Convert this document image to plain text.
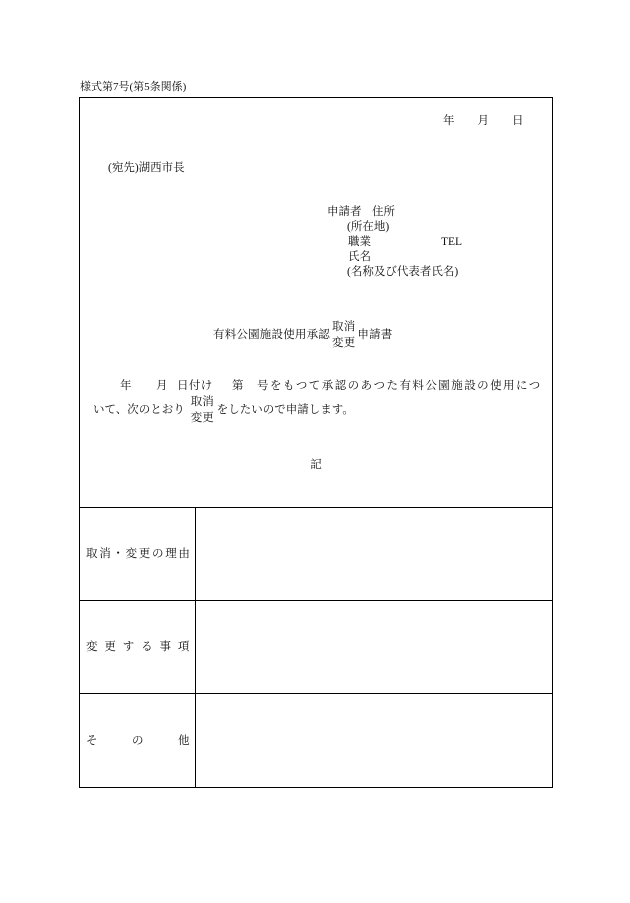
様式第7号(第5条関係)
年　　月　　日
(宛先)湖西市長
申請者 住所
(所在地)
職業	TEL
氏名
(名称及び代表者氏名)
有料公園施設使用承認
取消
変更
申請書
年 月 日付け 第 号をもつて承認のあつた有料公園施設の使用につ
いて、次のとおり
取消
変更
をしたいので申請します。
記
取消・変更の理由
変 更 す る 事 項
そ　　　の　　　他
